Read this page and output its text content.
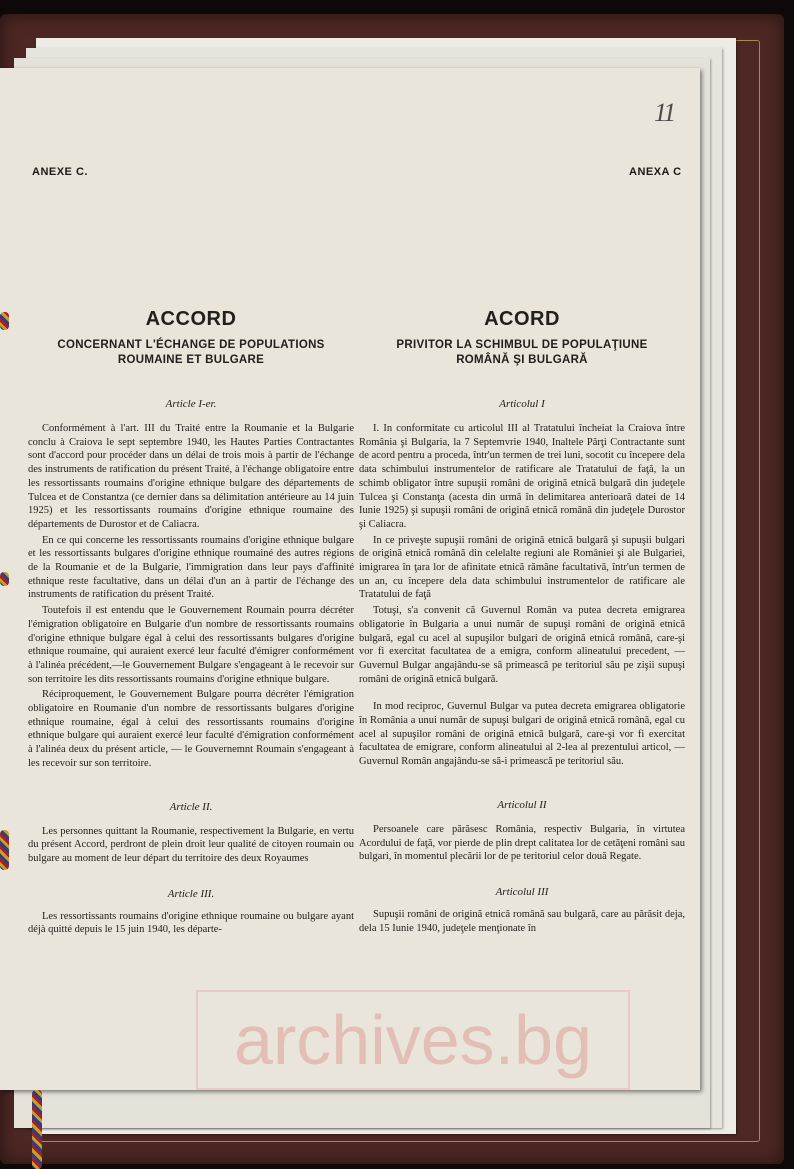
11
ANEXE C.	ANEXA C
ACCORD

CONCERNANT L'ÉCHANGE DE POPULATIONS
ROUMAINE ET BULGARE

Article I-er.

Conformément à l'art. III du Traité entre la Roumanie et la Bulgarie conclu à Craiova le sept septembre 1940, les Hautes Parties Contractantes sont d'accord pour procéder dans un délai de trois mois à partir de l'échange des instruments de ratification du présent Traité, à l'échange obligatoire entre les ressortissants roumains d'origine ethnique bulgare des départements de Tulcea et de Constantza (ce dernier dans sa délimitation antérieure au 14 juin 1925) et les ressortissants roumains d'origine ethnique roumaine des départements de Durostor et de Caliacra.

En ce qui concerne les ressortissants roumains d'origine ethnique bulgare et les ressortissants bulgares d'origine ethnique roumainé des autres régions de la Roumanie et de la Bulgarie, l'immigration dans leur pays d'affinité ethnique reste facultative, dans un délai d'un an à partir de l'échange des instruments de ratification du présent Traité.

Toutefois il est entendu que le Gouvernement Roumain pourra décréter l'émigration obligatoire en Bulgarie d'un nombre de ressortissants roumains d'origine ethnique bulgare égal à celui des ressortissants bulgares d'origine ethnique roumaine, qui auraient exercé leur faculté d'émigrer conformément à l'alinéa précédent,—le Gouvernement Bulgare s'engageant à le recevoir sur son territoire les dits ressortissants roumains d'origine ethnique bulgare.

Réciproquement, le Gouvernement Bulgare pourra décréter l'émigration obligatoire en Roumanie d'un nombre de ressortissants bulgares d'origine ethnique roumaine, égal à celui des ressortissants roumains d'origine ethnique bulgare qui auraient exercé leur faculté d'émigration conformément à l'alinéa deux du présent article, — le Gouvernemnt Roumain s'engageant à les recevoir sur son territoire.

Article II.

Les personnes quittant la Roumanie, respectivement la Bulgarie, en vertu du présent Accord, perdront de plein droit leur qualité de citoyen roumain ou bulgare au moment de leur départ du territoire des deux Royaumes

Article III.

Les ressortissants roumains d'origine ethnique roumaine ou bulgare ayant déjà quitté depuis le 15 juin 1940, les départe-

ACORD

PRIVITOR LA SCHIMBUL DE POPULAŢIUNE
ROMÂNĂ ŞI BULGARĂ

Articolul I

I. In conformitate cu articolul III al Tratatului încheiat la Craiova între România şi Bulgaria, la 7 Septemvrie 1940, Inaltele Părţi Contractante sunt de acord pentru a proceda, într'un termen de trei luni, socotit cu începere dela data schimbului instrumentelor de ratificare ale Tratatului de faţă, la un schimb obligator între supuşii români de origină etnică bulgară din judeţele Tulcea şi Constanţa (acesta din urmă în delimitarea anterioară datei de 14 Iunie 1925) şi supuşii români de origină etnică română din judeţele Durostor şi Caliacra.

In ce priveşte supuşii români de origină etnică bulgară şi supuşii bulgari de origină etnică română din celelalte regiuni ale României şi ale Bulgariei, imigrarea în ţara lor de afinitate etnică rămâne facultativă, într'un termen de un an, cu începere dela data schimbului instrumentelor de ratificare ale Tratatului de faţă

Totuşi, s'a convenit că Guvernul Român va putea decreta emigrarea obligatorie în Bulgaria a unui număr de supuşi români de origină etnică bulgară, egal cu acel al supuşilor bulgari de origină etnică română, care-şi vor fi exercitat facultatea de a emigra, conform alineatului precedent, — Guvernul Bulgar angajându-se să primească pe teritoriul său pe zişii supuşi români de origină etnică bulgară.

In mod reciproc, Guvernul Bulgar va putea decreta emigrarea obligatorie în România a unui număr de supuşi bulgari de origină etnică română, egal cu acel al supuşilor români de origină etnică bulgară, care-şi vor fi exercitat facultatea de emigrare, conform alineatului al 2-lea al prezentului articol, — Guvernul Român angajându-se să-i primească pe teritoriul său.

Articolul II

Persoanele care părăsesc România, respectiv Bulgaria, în virtutea Acordului de faţă, vor pierde de plin drept calitatea lor de cetăţeni români sau bulgari, în momentul plecării lor de pe teritoriul celor două Regate.

Articolul III

Supuşii români de origină etnică română sau bulgară, care au părăsit deja, dela 15 Iunie 1940, judeţele menţionate în

archives.bg
